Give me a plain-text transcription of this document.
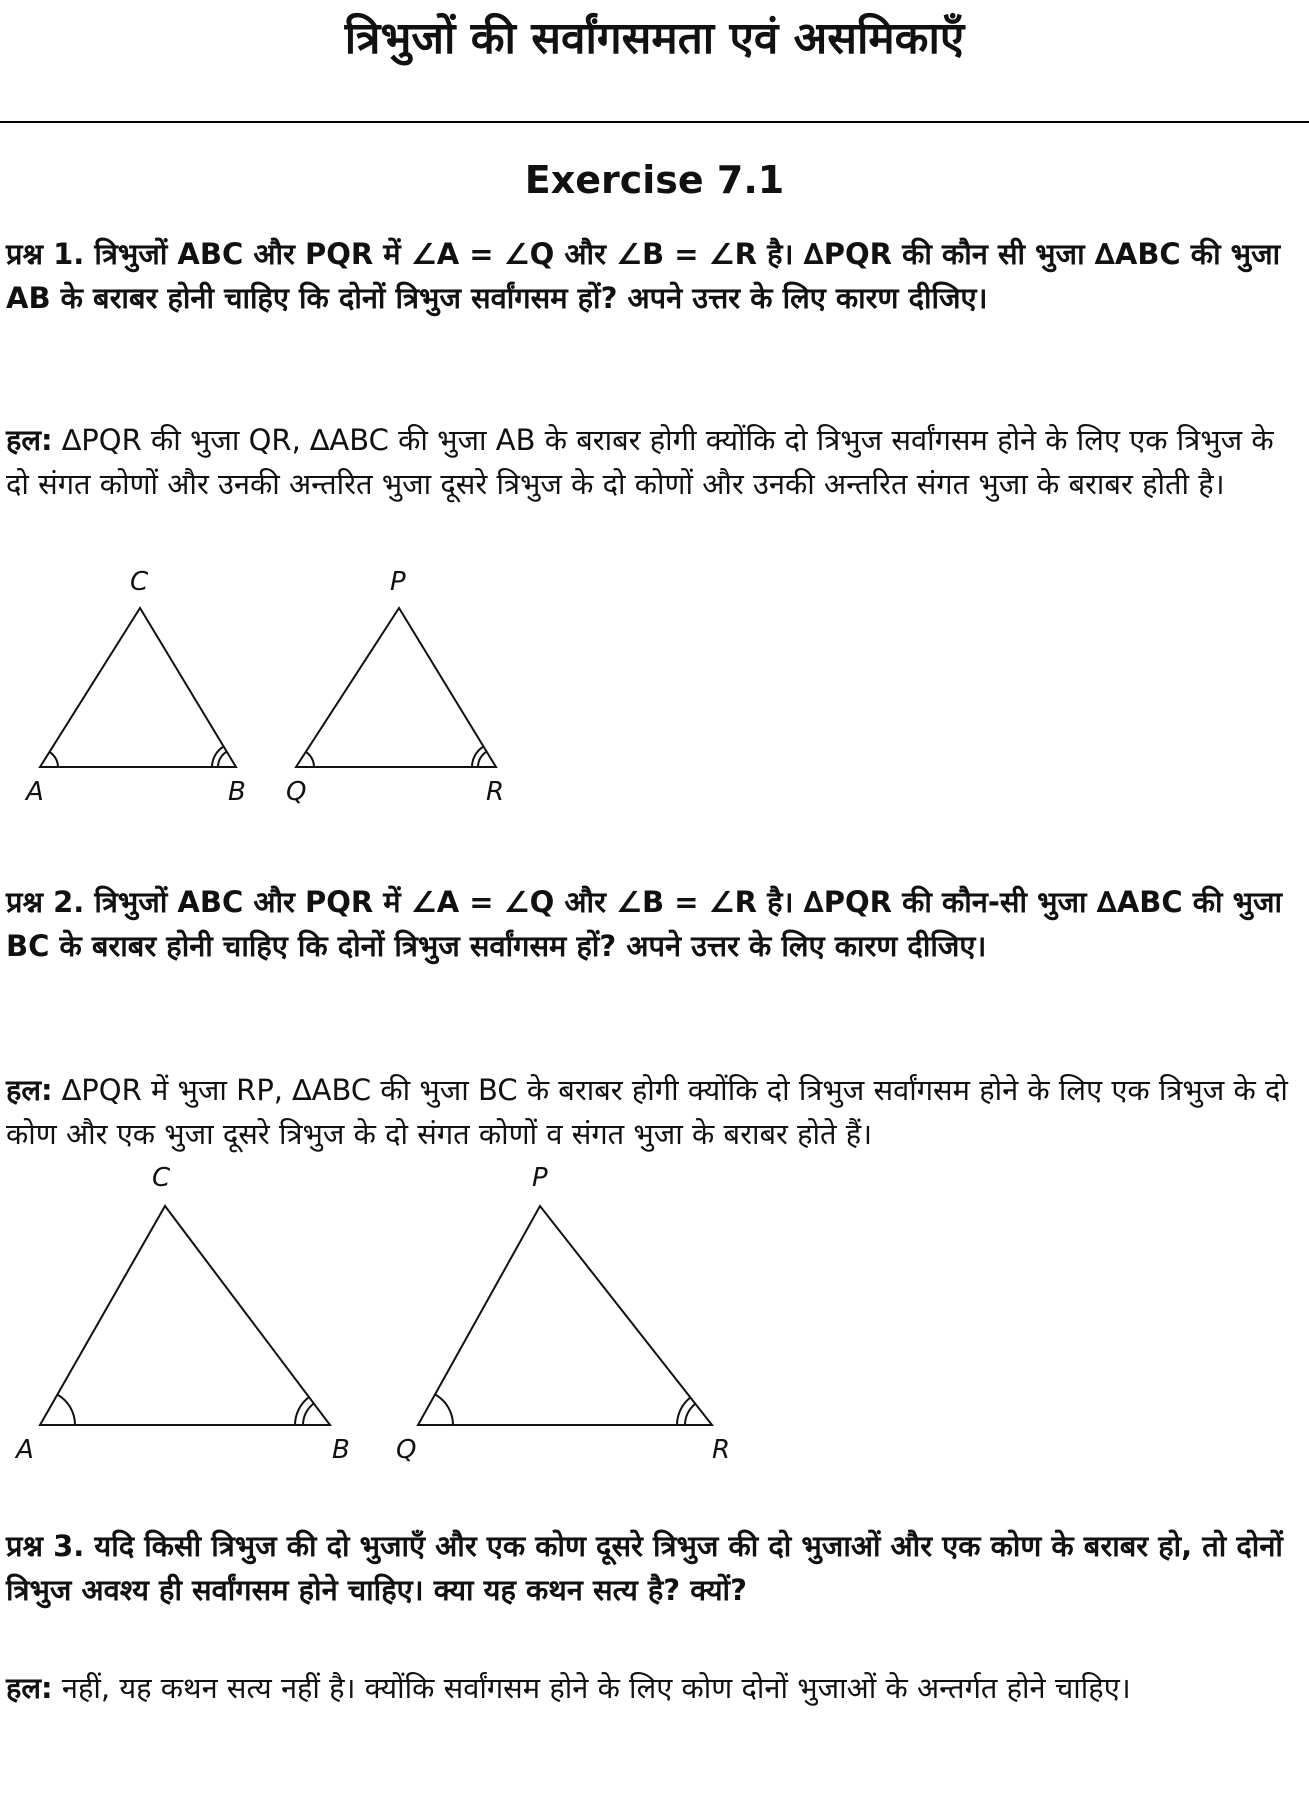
त्रिभुजों की सर्वांगसमता एवं असमिकाएँ
Exercise 7.1

प्रश्न 1. त्रिभुजों ABC और PQR में ∠A = ∠Q और ∠B = ∠R है। ∆PQR की कौन सी भुजा ∆ABC की भुजा AB के बराबर होनी चाहिए कि दोनों त्रिभुज सर्वांगसम हों? अपने उत्तर के लिए कारण दीजिए।

हल: ∆PQR की भुजा QR, ∆ABC की भुजा AB के बराबर होगी क्योंकि दो त्रिभुज सर्वांगसम होने के लिए एक त्रिभुज के दो संगत कोणों और उनकी अन्तरित भुजा दूसरे त्रिभुज के दो कोणों और उनकी अन्तरित संगत भुजा के बराबर होती है।

C
A	B
P
Q	R

प्रश्न 2. त्रिभुजों ABC और PQR में ∠A = ∠Q और ∠B = ∠R है। ∆PQR की कौन-सी भुजा ∆ABC की भुजा BC के बराबर होनी चाहिए कि दोनों त्रिभुज सर्वांगसम हों? अपने उत्तर के लिए कारण दीजिए।

हल: ∆PQR में भुजा RP, ∆ABC की भुजा BC के बराबर होगी क्योंकि दो त्रिभुज सर्वांगसम होने के लिए एक त्रिभुज के दो कोण और एक भुजा दूसरे त्रिभुज के दो संगत कोणों व संगत भुजा के बराबर होते हैं।

C
A	B
P
Q	R

प्रश्न 3. यदि किसी त्रिभुज की दो भुजाएँ और एक कोण दूसरे त्रिभुज की दो भुजाओं और एक कोण के बराबर हो, तो दोनों त्रिभुज अवश्य ही सर्वांगसम होने चाहिए। क्या यह कथन सत्य है? क्यों?

हल: नहीं, यह कथन सत्य नहीं है। क्योंकि सर्वांगसम होने के लिए कोण दोनों भुजाओं के अन्तर्गत होने चाहिए।
